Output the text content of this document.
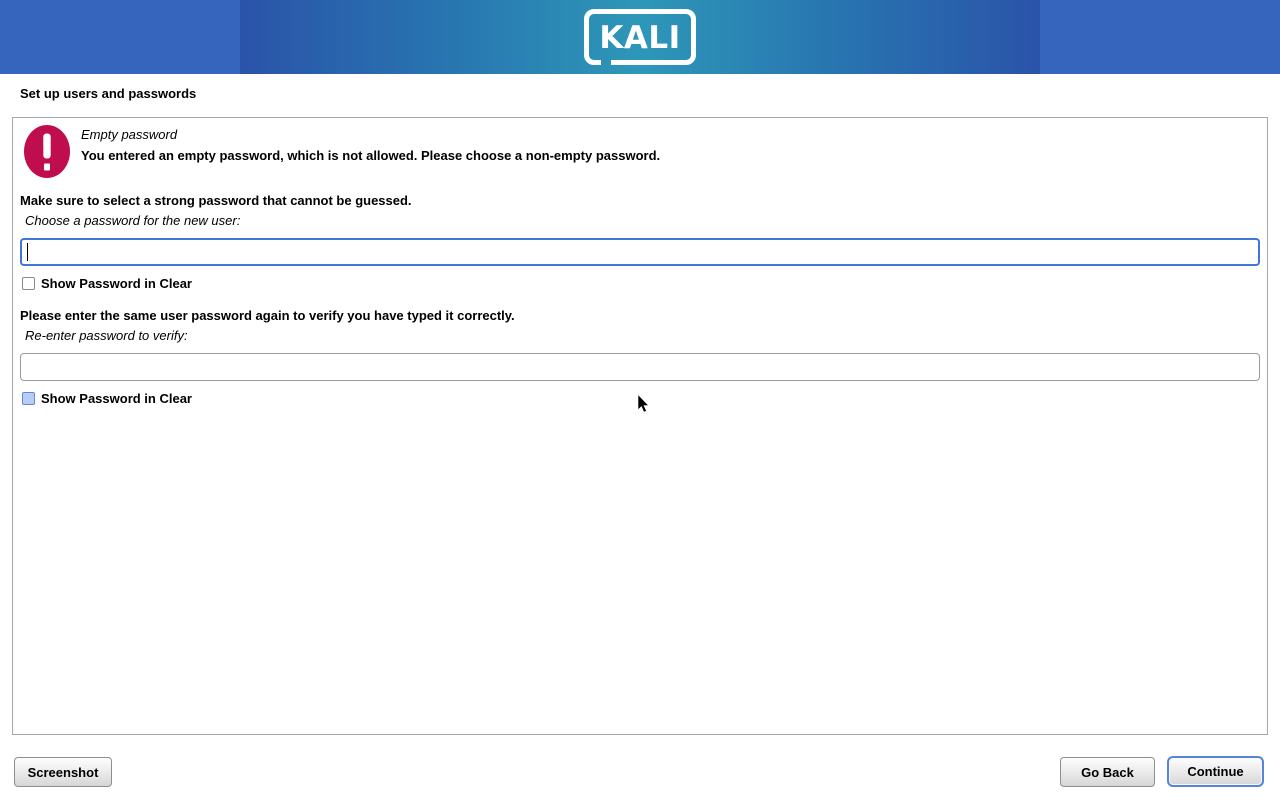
KALI
Set up users and passwords
Empty password
You entered an empty password, which is not allowed. Please choose a non-empty password.
Make sure to select a strong password that cannot be guessed.
Choose a password for the new user:
Show Password in Clear
Please enter the same user password again to verify you have typed it correctly.
Re-enter password to verify:
Show Password in Clear
Screenshot	Go Back	Continue
